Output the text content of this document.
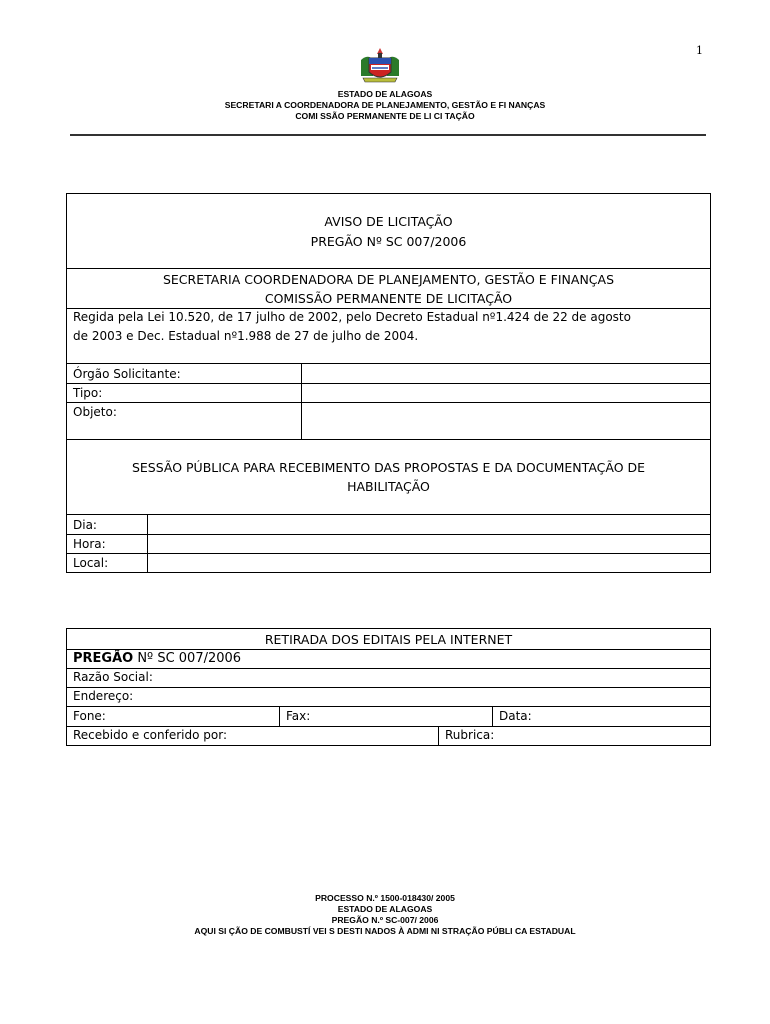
1
ESTADO DE ALAGOAS
SECRETARI A COORDENADORA DE PLANEJAMENTO, GESTÃO E FI NANÇAS
COMI SSÃO PERMANENTE DE LI CI TAÇÃO
AVISO DE LICITAÇÃO
PREGÃO Nº SC 007/2006
SECRETARIA COORDENADORA DE PLANEJAMENTO, GESTÃO E FINANÇAS
COMISSÃO PERMANENTE DE LICITAÇÃO
Regida pela Lei 10.520, de 17 julho de 2002, pelo Decreto Estadual nº1.424 de 22 de agosto
de 2003 e Dec. Estadual nº1.988 de 27 de julho de 2004.
Órgão Solicitante:
Tipo:
Objeto:
SESSÃO PÚBLICA PARA RECEBIMENTO DAS PROPOSTAS E DA DOCUMENTAÇÃO DE
HABILITAÇÃO
Dia:
Hora:
Local:
RETIRADA DOS EDITAIS PELA INTERNET
PREGÃO Nº SC 007/2006
Razão Social:
Endereço:
Fone:	Fax:	Data:
Recebido e conferido por:	Rubrica:
PROCESSO N.º 1500-018430/ 2005
ESTADO DE ALAGOAS
PREGÃO N.º SC-007/ 2006
AQUI SI ÇÃO DE COMBUSTÍ VEI S DESTI NADOS À ADMI NI STRAÇÃO PÚBLI CA ESTADUAL
